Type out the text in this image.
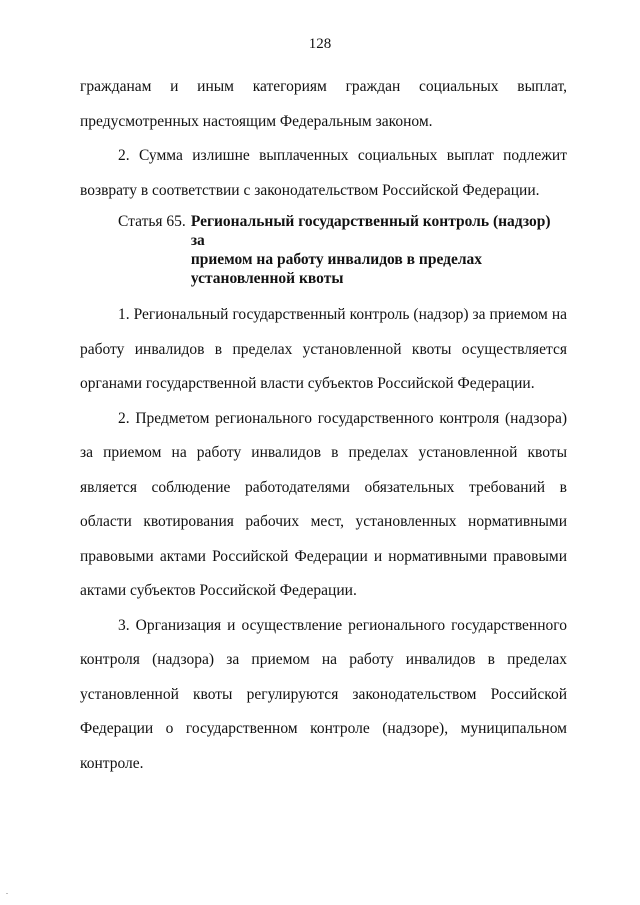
128

гражданам и иным категориям граждан социальных выплат, предусмотренных настоящим Федеральным законом.

2. Сумма излишне выплаченных социальных выплат подлежит возврату в соответствии с законодательством Российской Федерации.

Статья 65. Региональный государственный контроль (надзор) за
приемом на работу инвалидов в пределах
установленной квоты

1. Региональный государственный контроль (надзор) за приемом на работу инвалидов в пределах установленной квоты осуществляется органами государственной власти субъектов Российской Федерации.

2. Предметом регионального государственного контроля (надзора) за приемом на работу инвалидов в пределах установленной квоты является соблюдение работодателями обязательных требований в области квотирования рабочих мест, установленных нормативными правовыми актами Российской Федерации и нормативными правовыми актами субъектов Российской Федерации.

3. Организация и осуществление регионального государственного контроля (надзора) за приемом на работу инвалидов в пределах установленной квоты регулируются законодательством Российской Федерации о государственном контроле (надзоре), муниципальном контроле.

.
